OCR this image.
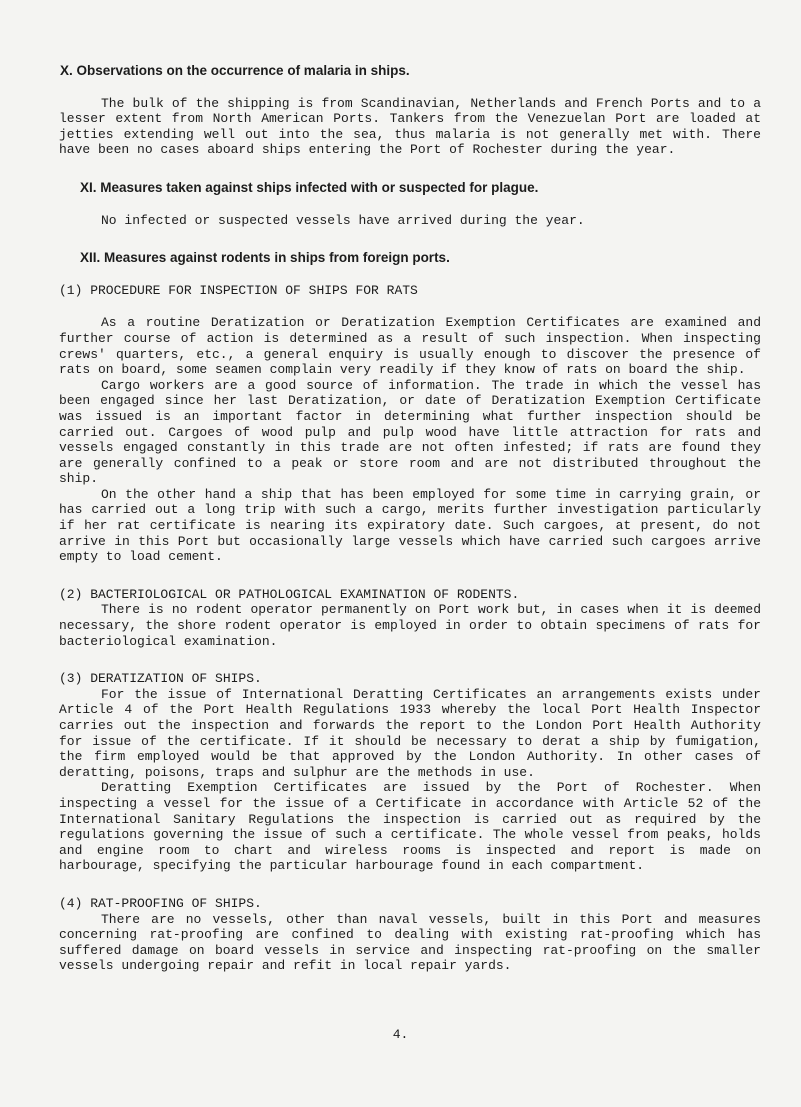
X. Observations on the occurrence of malaria in ships.

The bulk of the shipping is from Scandinavian, Netherlands and French Ports and to a lesser extent from North American Ports. Tankers from the Venezuelan Port are loaded at jetties extending well out into the sea, thus malaria is not generally met with. There have been no cases aboard ships entering the Port of Rochester during the year.

XI. Measures taken against ships infected with or suspected for plague.

No infected or suspected vessels have arrived during the year.

XII. Measures against rodents in ships from foreign ports.

(1) PROCEDURE FOR INSPECTION OF SHIPS FOR RATS

As a routine Deratization or Deratization Exemption Certificates are examined and further course of action is determined as a result of such inspection. When inspecting crews' quarters, etc., a general enquiry is usually enough to discover the presence of rats on board, some seamen complain very readily if they know of rats on board the ship.

Cargo workers are a good source of information. The trade in which the vessel has been engaged since her last Deratization, or date of Deratization Exemption Certificate was issued is an important factor in determining what further inspection should be carried out. Cargoes of wood pulp and pulp wood have little attraction for rats and vessels engaged constantly in this trade are not often infested; if rats are found they are generally confined to a peak or store room and are not distributed throughout the ship.

On the other hand a ship that has been employed for some time in carrying grain, or has carried out a long trip with such a cargo, merits further investigation particularly if her rat certificate is nearing its expiratory date. Such cargoes, at present, do not arrive in this Port but occasionally large vessels which have carried such cargoes arrive empty to load cement.

(2) BACTERIOLOGICAL OR PATHOLOGICAL EXAMINATION OF RODENTS.

There is no rodent operator permanently on Port work but, in cases when it is deemed necessary, the shore rodent operator is employed in order to obtain specimens of rats for bacteriological examination.

(3) DERATIZATION OF SHIPS.

For the issue of International Deratting Certificates an arrangements exists under Article 4 of the Port Health Regulations 1933 whereby the local Port Health Inspector carries out the inspection and forwards the report to the London Port Health Authority for issue of the certificate. If it should be necessary to derat a ship by fumigation, the firm employed would be that approved by the London Authority. In other cases of deratting, poisons, traps and sulphur are the methods in use.

Deratting Exemption Certificates are issued by the Port of Rochester. When inspecting a vessel for the issue of a Certificate in accordance with Article 52 of the International Sanitary Regulations the inspection is carried out as required by the regulations governing the issue of such a certificate. The whole vessel from peaks, holds and engine room to chart and wireless rooms is inspected and report is made on harbourage, specifying the particular harbourage found in each compartment.

(4) RAT-PROOFING OF SHIPS.

There are no vessels, other than naval vessels, built in this Port and measures concerning rat-proofing are confined to dealing with existing rat-proofing which has suffered damage on board vessels in service and inspecting rat-proofing on the smaller vessels undergoing repair and refit in local repair yards.

4.
